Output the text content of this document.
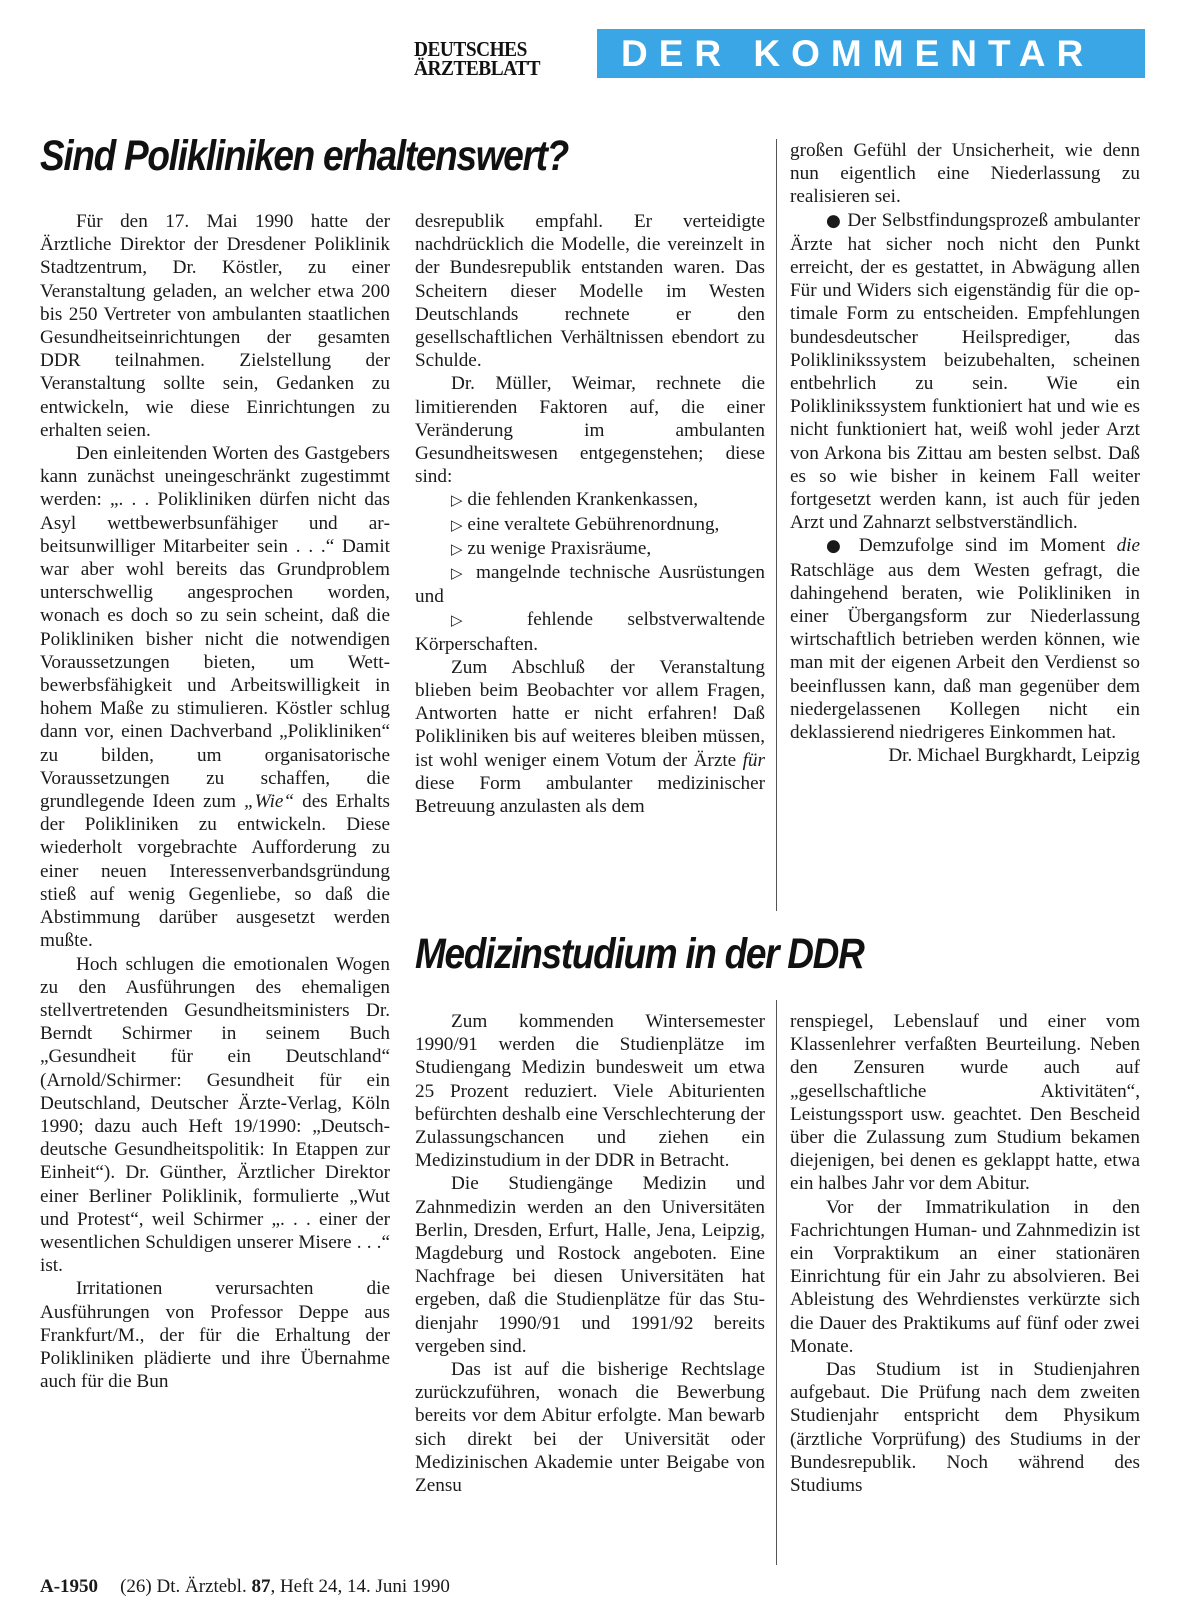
DEUTSCHES
ÄRZTEBLATT	DER KOMMENTAR
Sind Polikliniken erhaltenswert?

Für den 17. Mai 1990 hatte der Ärztliche Direktor der Dresdener Poliklinik Stadtzentrum, Dr. Köstler, zu einer Veranstaltung geladen, an welcher etwa 200 bis 250 Vertreter von ambulanten staatlichen Gesundheitseinrichtungen der gesamten DDR teilnahmen. Zielstellung der Veranstaltung sollte sein, Gedanken zu entwickeln, wie diese Einrichtungen zu erhalten seien.

Den einleitenden Worten des Gastgebers kann zunächst uneingeschränkt zugestimmt werden: „. . . Polikliniken dürfen nicht das Asyl wettbewerbsunfähiger und arbeitsunwilliger Mitarbeiter sein . . .“ Damit war aber wohl bereits das Grundproblem unterschwellig angesprochen worden, wonach es doch so zu sein scheint, daß die Polikliniken bisher nicht die notwendigen Voraussetzungen bieten, um Wettbewerbsfähigkeit und Arbeitswilligkeit in hohem Maße zu stimulieren. Köstler schlug dann vor, einen Dachverband „Polikliniken“ zu bilden, um organisatorische Voraussetzungen zu schaffen, die grundlegende Ideen zum „Wie“ des Erhalts der Polikliniken zu entwickeln. Diese wiederholt vorgebrachte Aufforderung zu einer neuen Interessenverbandsgründung stieß auf wenig Gegenliebe, so daß die Abstimmung darüber ausgesetzt werden mußte.

Hoch schlugen die emotionalen Wogen zu den Ausführungen des ehemaligen stellvertretenden Gesundheitsministers Dr. Berndt Schirmer in seinem Buch „Gesundheit für ein Deutschland“ (Arnold/Schirmer: Gesundheit für ein Deutschland, Deutscher Ärzte-Verlag, Köln 1990; dazu auch Heft 19/1990: „Deutsch-deutsche Gesundheitspolitik: In Etappen zur Einheit“). Dr. Günther, Ärztlicher Direktor einer Berliner Poliklinik, formulierte „Wut und Protest“, weil Schirmer „. . . einer der wesentlichen Schuldigen unserer Misere . . .“ ist.

Irritationen verursachten die Ausführungen von Professor Deppe aus Frankfurt/M., der für die Erhaltung der Polikliniken plädierte und ihre Übernahme auch für die Bun

desrepublik empfahl. Er verteidigte nachdrücklich die Modelle, die vereinzelt in der Bundesrepublik entstanden waren. Das Scheitern dieser Modelle im Westen Deutschlands rechnete er den gesellschaftlichen Verhältnissen ebendort zu Schulde.

Dr. Müller, Weimar, rechnete die limitierenden Faktoren auf, die einer Veränderung im ambulanten Gesundheitswesen entgegenstehen; diese sind:

▷ die fehlenden Krankenkassen,

▷ eine veraltete Gebührenordnung,

▷ zu wenige Praxisräume,

▷ mangelnde technische Ausrüstungen und

▷ fehlende selbstverwaltende Körperschaften.

Zum Abschluß der Veranstaltung blieben beim Beobachter vor allem Fragen, Antworten hatte er nicht erfahren! Daß Polikliniken bis auf weiteres bleiben müssen, ist wohl weniger einem Votum der Ärzte für diese Form ambulanter medizinischer Betreuung anzulasten als dem

großen Gefühl der Unsicherheit, wie denn nun eigentlich eine Niederlassung zu realisieren sei.

● Der Selbstfindungsprozeß ambulanter Ärzte hat sicher noch nicht den Punkt erreicht, der es gestattet, in Abwägung allen Für und Widers sich eigenständig für die optimale Form zu entscheiden. Empfehlungen bundesdeutscher Heilsprediger, das Poliklinikssystem beizubehalten, scheinen entbehrlich zu sein. Wie ein Poliklinikssystem funktioniert hat und wie es nicht funktioniert hat, weiß wohl jeder Arzt von Arkona bis Zittau am besten selbst. Daß es so wie bisher in keinem Fall weiter fortgesetzt werden kann, ist auch für jeden Arzt und Zahnarzt selbstverständlich.

● Demzufolge sind im Moment die Ratschläge aus dem Westen gefragt, die dahingehend beraten, wie Polikliniken in einer Übergangsform zur Niederlassung wirtschaftlich betrieben werden können, wie man mit der eigenen Arbeit den Verdienst so beeinflussen kann, daß man gegenüber dem niedergelassenen Kollegen nicht ein deklassierend niedrigeres Einkommen hat.

Dr. Michael Burgkhardt, Leipzig

Medizinstudium in der DDR

Zum kommenden Wintersemester 1990/91 werden die Studienplätze im Studiengang Medizin bundesweit um etwa 25 Prozent reduziert. Viele Abiturienten befürchten deshalb eine Verschlechterung der Zulassungschancen und ziehen ein Medizinstudium in der DDR in Betracht.

Die Studiengänge Medizin und Zahnmedizin werden an den Universitäten Berlin, Dresden, Erfurt, Halle, Jena, Leipzig, Magdeburg und Rostock angeboten. Eine Nachfrage bei diesen Universitäten hat ergeben, daß die Studienplätze für das Studienjahr 1990/91 und 1991/92 bereits vergeben sind.

Das ist auf die bisherige Rechtslage zurückzuführen, wonach die Bewerbung bereits vor dem Abitur erfolgte. Man bewarb sich direkt bei der Universität oder Medizinischen Akademie unter Beigabe von Zensu

renspiegel, Lebenslauf und einer vom Klassenlehrer verfaßten Beurteilung. Neben den Zensuren wurde auch auf „gesellschaftliche Aktivitäten“, Leistungssport usw. geachtet. Den Bescheid über die Zulassung zum Studium bekamen diejenigen, bei denen es geklappt hatte, etwa ein halbes Jahr vor dem Abitur.

Vor der Immatrikulation in den Fachrichtungen Human- und Zahnmedizin ist ein Vorpraktikum an einer stationären Einrichtung für ein Jahr zu absolvieren. Bei Ableistung des Wehrdienstes verkürzte sich die Dauer des Praktikums auf fünf oder zwei Monate.

Das Studium ist in Studienjahren aufgebaut. Die Prüfung nach dem zweiten Studienjahr entspricht dem Physikum (ärztliche Vorprüfung) des Studiums in der Bundesrepublik. Noch während des Studiums

A-1950 (26) Dt. Ärztebl. 87, Heft 24, 14. Juni 1990
